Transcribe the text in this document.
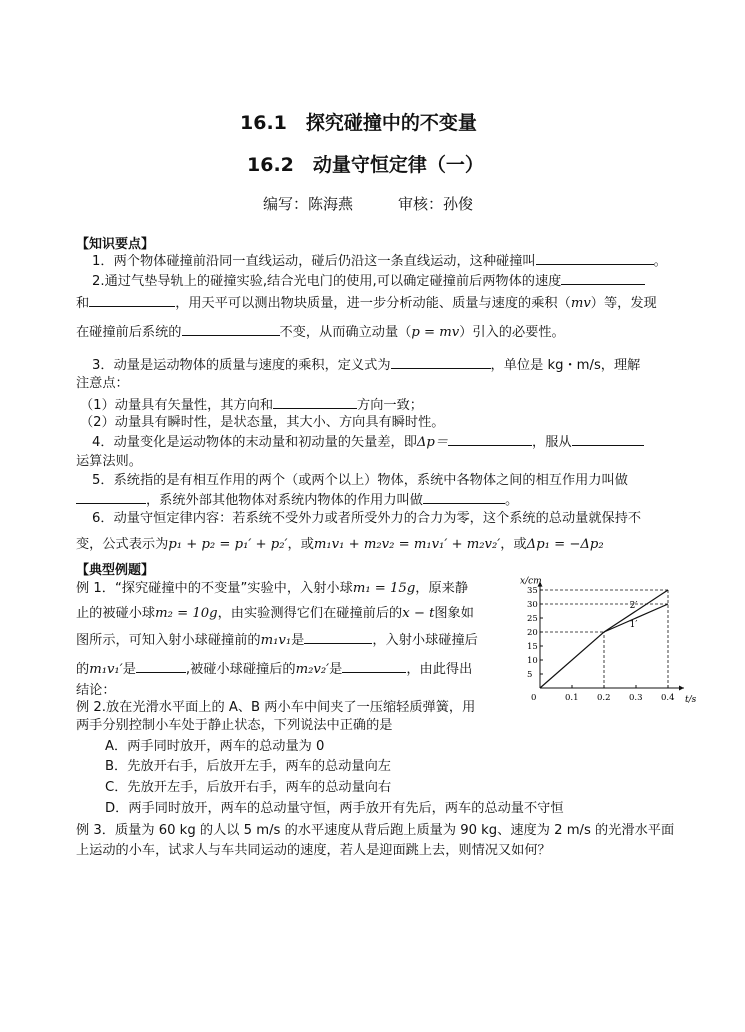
16.1　探究碰撞中的不变量
16.2　动量守恒定律（一）
编写：陈海燕　　　审核：孙俊
【知识要点】
1．两个物体碰撞前沿同一直线运动，碰后仍沿这一条直线运动，这种碰撞叫	。
2.通过气垫导轨上的碰撞实验,结合光电门的使用,可以确定碰撞前后两物体的速度
和	，用天平可以测出物块质量，进一步分析动能、质量与速度的乘积（mv）等，发现
在碰撞前后系统的	不变，从而确立动量（p = mv）引入的必要性。
3．动量是运动物体的质量与速度的乘积，定义式为	，单位是 kg・m/s，理解
注意点：
（1）动量具有矢量性，其方向和	方向一致；
（2）动量具有瞬时性，是状态量，其大小、方向具有瞬时性。
4．动量变化是运动物体的末动量和初动量的矢量差，即Δp＝	，服从
运算法则。
5．系统指的是有相互作用的两个（或两个以上）物体，系统中各物体之间的相互作用力叫做
，系统外部其他物体对系统内物体的作用力叫做	。
6．动量守恒定律内容：若系统不受外力或者所受外力的合力为零，这个系统的总动量就保持不
变，公式表示为p₁ + p₂ = p₁′ + p₂′，或m₁v₁ + m₂v₂ = m₁v₁′ + m₂v₂′，或Δp₁ = −Δp₂
【典型例题】
例 1．“探究碰撞中的不变量”实验中，入射小球m₁ = 15g，原来静
止的被碰小球m₂ = 10g，由实验测得它们在碰撞前后的x − t图象如
图所示，可知入射小球碰撞前的m₁v₁是	，入射小球碰撞后
的m₁v₁′是	,被碰小球碰撞后的m₂v₂′是	，由此得出
结论：
x/cm
t/s
0	0.1 0.2 0.3 0.4
5
10
15
20
25
30
35
2′
1′
例 2.放在光滑水平面上的 A、B 两小车中间夹了一压缩轻质弹簧，用
两手分别控制小车处于静止状态，下列说法中正确的是
A．两手同时放开，两车的总动量为 0
B．先放开右手，后放开左手，两车的总动量向左
C．先放开左手，后放开右手，两车的总动量向右
D．两手同时放开，两车的总动量守恒，两手放开有先后，两车的总动量不守恒
例 3．质量为 60 kg 的人以 5 m/s 的水平速度从背后跑上质量为 90 kg、速度为 2 m/s 的光滑水平面
上运动的小车，试求人与车共同运动的速度，若人是迎面跳上去，则情况又如何？
